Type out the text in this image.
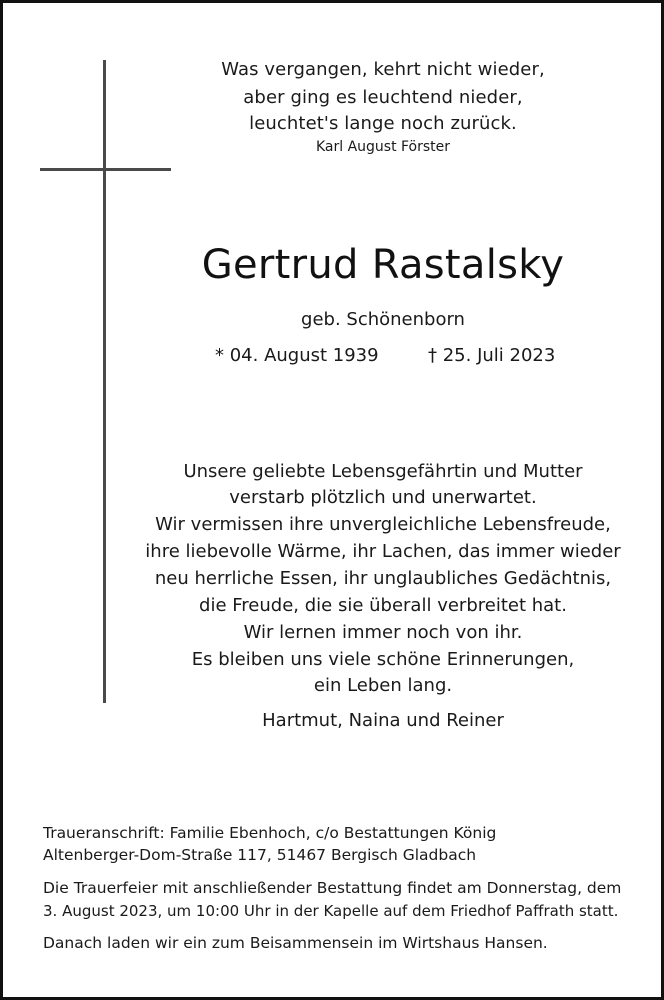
Was vergangen, kehrt nicht wieder,
aber ging es leuchtend nieder,
leuchtet's lange noch zurück.
Karl August Förster
Gertrud Rastalsky
geb. Schönenborn
* 04. August 1939	† 25. Juli 2023
Unsere geliebte Lebensgefährtin und Mutter
verstarb plötzlich und unerwartet.
Wir vermissen ihre unvergleichliche Lebensfreude,
ihre liebevolle Wärme, ihr Lachen, das immer wieder
neu herrliche Essen, ihr unglaubliches Gedächtnis,
die Freude, die sie überall verbreitet hat.
Wir lernen immer noch von ihr.
Es bleiben uns viele schöne Erinnerungen,
ein Leben lang.
Hartmut, Naina und Reiner
Traueranschrift: Familie Ebenhoch, c/o Bestattungen König
Altenberger-Dom-Straße 117, 51467 Bergisch Gladbach
Die Trauerfeier mit anschließender Bestattung findet am Donnerstag, dem
3. August 2023, um 10:00 Uhr in der Kapelle auf dem Friedhof Paffrath statt.
Danach laden wir ein zum Beisammensein im Wirtshaus Hansen.
